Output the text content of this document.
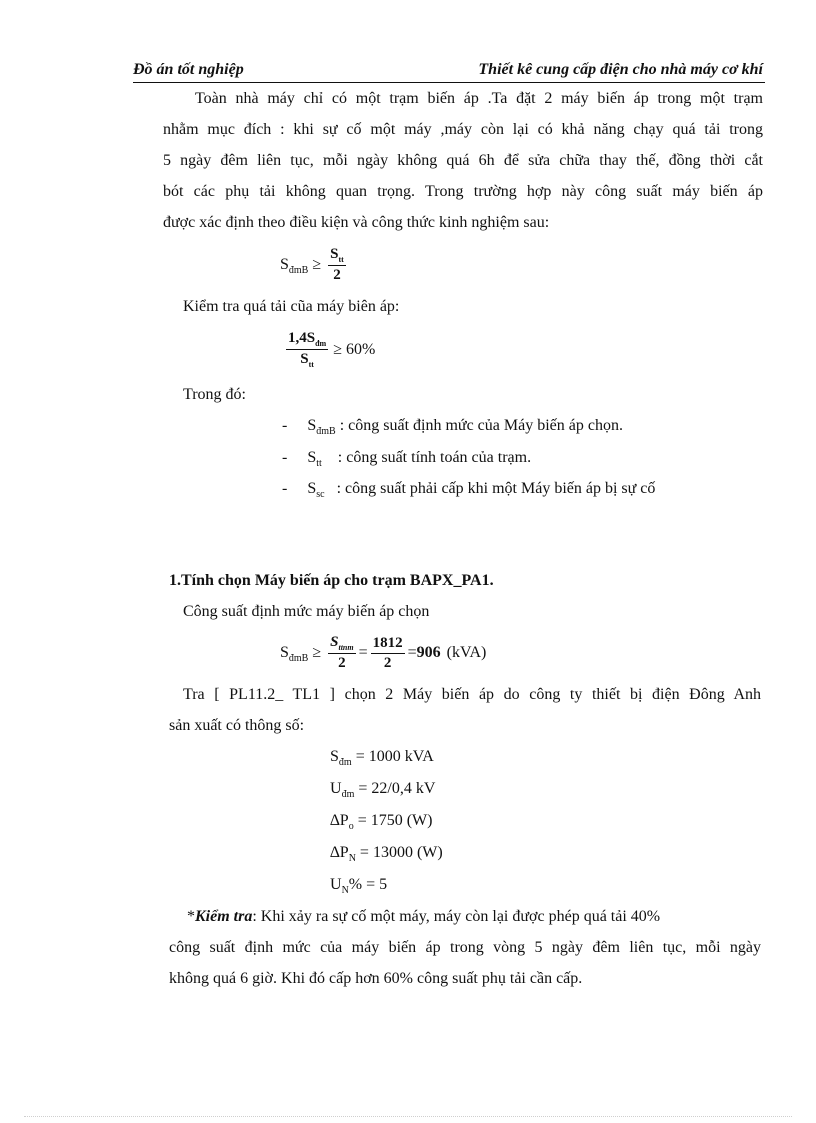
Đồ án tốt nghiệp	Thiết kê cung cấp điện cho nhà máy cơ khí
Toàn nhà máy chỉ có một trạm biến áp .Ta đặt 2 máy biến áp trong một trạm
nhằm mục đích : khi sự cố một máy ,máy còn lại có khả năng chạy quá tải trong
5 ngày đêm liên tục, mỗi ngày không quá 6h để sửa chữa thay thế, đồng thời cắt
bót các phụ tải không quan trọng. Trong trường hợp này công suất máy biến áp
được xác định theo điều kiện và công thức kinh nghiệm sau:
$S_{đmB} \ge \frac{S_{tt}}{2}$
Kiểm tra quá tải cũa máy biên áp:
$\frac{1,4S_{đm}}{S_{tt}} \ge 60\%$
Trong đó:
- $S_{đmB}$ : công suất định mức của Máy biến áp chọn.
- $S_{tt}$    : công suất tính toán của trạm.
- $S_{sc}$   : công suất phải cấp khi một Máy biến áp bị sự cố
1.Tính chọn Máy biến áp cho trạm BAPX_PA1.
Công suất định mức máy biến áp chọn
$S_{đmB} \ge \frac{S_{ttnm}}{2} = \frac{1812}{2} = 906$ (kVA)
Tra [ PL11.2_ TL1 ] chọn 2 Máy biến áp do công ty thiết bị điện Đông Anh
sản xuất có thông số:
$S_{đm} = 1000$ kVA
$U_{đm} = 22/0,4$ kV
$\Delta P_o = 1750$ (W)
$\Delta P_N = 13000$ (W)
$U_N\% = 5$
*Kiểm tra: Khi xảy ra sự cố một máy, máy còn lại được phép quá tải 40%
công suất định mức của máy biến áp trong vòng 5 ngày đêm liên tục, mỗi ngày
không quá 6 giờ. Khi đó cấp hơn 60% công suất phụ tải cần cấp.
